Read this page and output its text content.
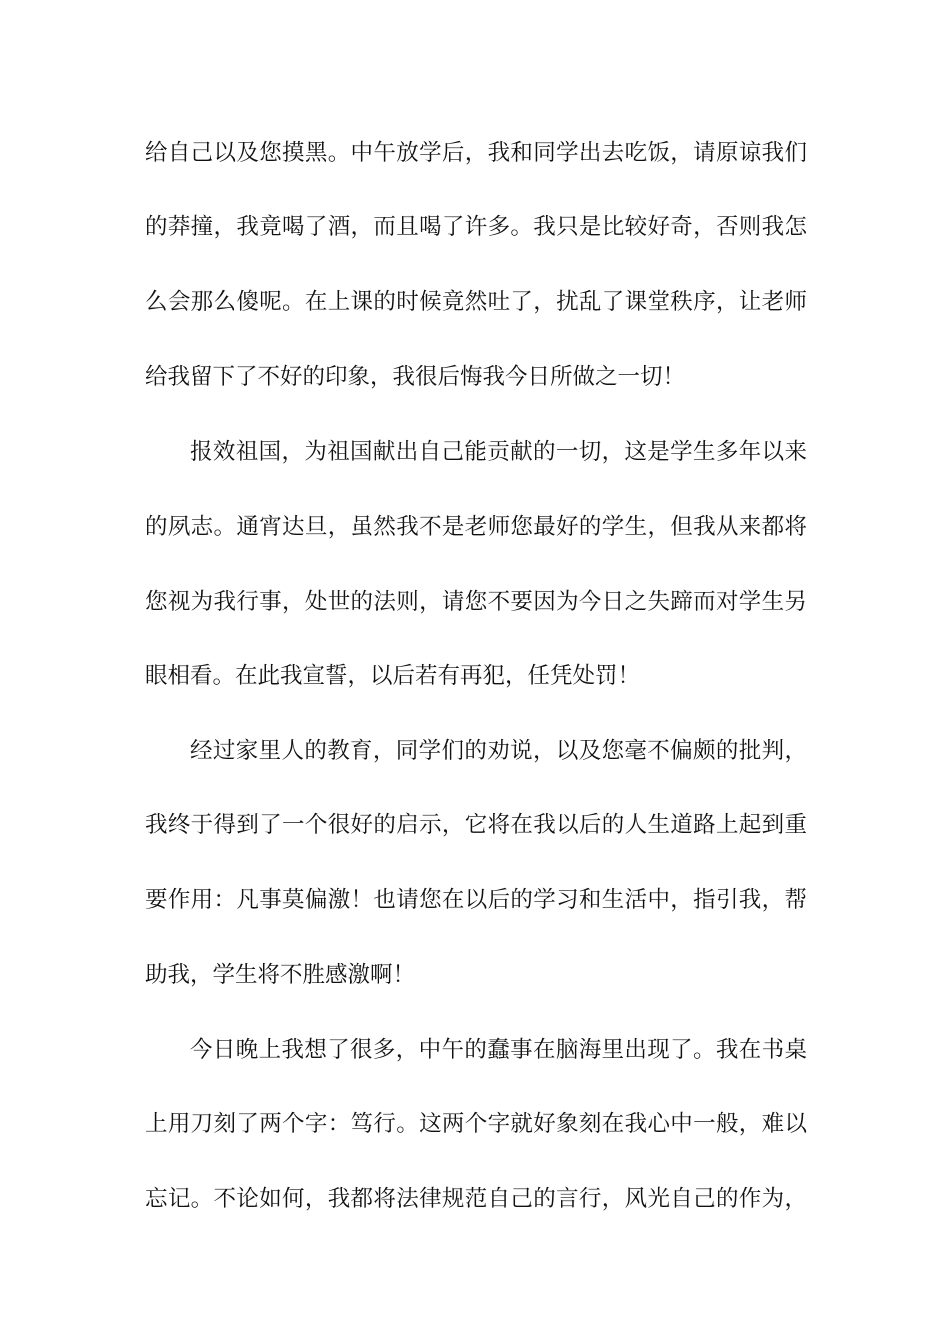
给自己以及您摸黑。中午放学后，我和同学出去吃饭，请原谅我们
的莽撞，我竟喝了酒，而且喝了许多。我只是比较好奇，否则我怎
么会那么傻呢。在上课的时候竟然吐了，扰乱了课堂秩序，让老师
给我留下了不好的印象，我很后悔我今日所做之一切！
报效祖国，为祖国献出自己能贡献的一切，这是学生多年以来
的夙志。通宵达旦，虽然我不是老师您最好的学生，但我从来都将
您视为我行事，处世的法则，请您不要因为今日之失蹄而对学生另
眼相看。在此我宣誓，以后若有再犯，任凭处罚！
经过家里人的教育，同学们的劝说，以及您毫不偏颇的批判，
我终于得到了一个很好的启示，它将在我以后的人生道路上起到重
要作用：凡事莫偏激！也请您在以后的学习和生活中，指引我，帮
助我，学生将不胜感激啊！
今日晚上我想了很多，中午的蠢事在脑海里出现了。我在书桌
上用刀刻了两个字：笃行。这两个字就好象刻在我心中一般，难以
忘记。不论如何，我都将法律规范自己的言行，风光自己的作为，
